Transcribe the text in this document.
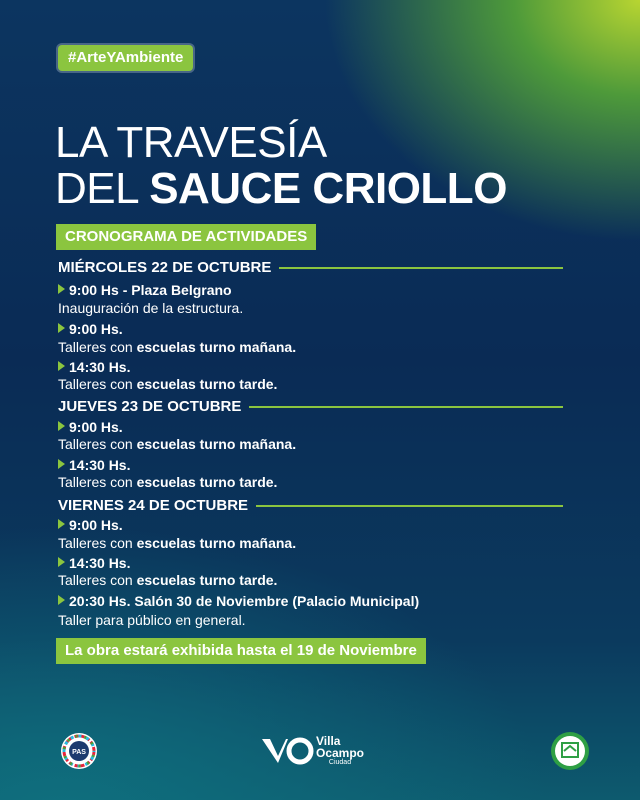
#ArteYAmbiente
LA TRAVESÍA
DEL SAUCE CRIOLLO
CRONOGRAMA DE ACTIVIDADES
MIÉRCOLES 22 DE OCTUBRE
9:00 Hs - Plaza Belgrano
Inauguración de la estructura.
9:00 Hs.
Talleres con escuelas turno mañana.
14:30 Hs.
Talleres con escuelas turno tarde.
JUEVES 23 DE OCTUBRE
9:00 Hs.
Talleres con escuelas turno mañana.
14:30 Hs.
Talleres con escuelas turno tarde.
VIERNES 24 DE OCTUBRE
9:00 Hs.
Talleres con escuelas turno mañana.
14:30 Hs.
Talleres con escuelas turno tarde.
20:30 Hs. Salón 30 de Noviembre (Palacio Municipal)
Taller para público en general.
La obra estará exhibida hasta el 19 de Noviembre
PAS
Villa
Ocampo
Ciudad
